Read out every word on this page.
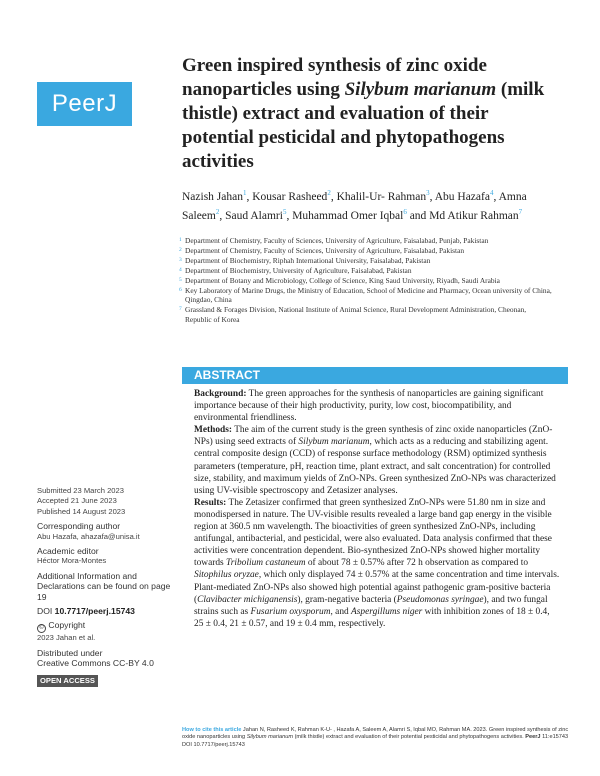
PeerJ
Green inspired synthesis of zinc oxide nanoparticles using Silybum marianum (milk thistle) extract and evaluation of their potential pesticidal and phytopathogens activities
Nazish Jahan$^1$, Kousar Rasheed$^2$, Khalil-Ur- Rahman$^3$, Abu Hazafa$^4$, Amna Saleem$^2$, Saud Alamri$^5$, Muhammad Omer Iqbal$^6$ and Md Atikur Rahman$^7$
1 Department of Chemistry, Faculty of Sciences, University of Agriculture, Faisalabad, Punjab, Pakistan
2 Department of Chemistry, Faculty of Sciences, University of Agriculture, Faisalabad, Pakistan
3 Department of Biochemistry, Riphah International University, Faisalabad, Pakistan
4 Department of Biochemistry, University of Agriculture, Faisalabad, Pakistan
5 Department of Botany and Microbiology, College of Science, King Saud University, Riyadh, Saudi Arabia
6 Key Laboratory of Marine Drugs, the Ministry of Education, School of Medicine and Pharmacy, Ocean university of China, Qingdao, China
7 Grassland & Forages Division, National Institute of Animal Science, Rural Development Administration, Cheonan, Republic of Korea
ABSTRACT

Background: The green approaches for the synthesis of nanoparticles are gaining significant importance because of their high productivity, purity, low cost, biocompatibility, and environmental friendliness.

Methods: The aim of the current study is the green synthesis of zinc oxide nanoparticles (ZnO-NPs) using seed extracts of Silybum marianum, which acts as a reducing and stabilizing agent. central composite design (CCD) of response surface methodology (RSM) optimized synthesis parameters (temperature, pH, reaction time, plant extract, and salt concentration) for controlled size, stability, and maximum yields of ZnO-NPs. Green synthesized ZnO-NPs was characterized using UV-visible spectroscopy and Zetasizer analyses.

Results: The Zetasizer confirmed that green synthesized ZnO-NPs were 51.80 nm in size and monodispersed in nature. The UV-visible results revealed a large band gap energy in the visible region at 360.5 nm wavelength. The bioactivities of green synthesized ZnO-NPs, including antifungal, antibacterial, and pesticidal, were also evaluated. Data analysis confirmed that these activities were concentration dependent. Bio-synthesized ZnO-NPs showed higher mortality towards Tribolium castaneum of about 78 ± 0.57% after 72 h observation as compared to Sitophilus oryzae, which only displayed 74 ± 0.57% at the same concentration and time intervals. Plant-mediated ZnO-NPs also showed high potential against pathogenic gram-positive bacteria (Clavibacter michiganensis), gram-negative bacteria (Pseudomonas syringae), and two fungal strains such as Fusarium oxysporum, and Aspergillums niger with inhibition zones of 18 ± 0.4, 25 ± 0.4, 21 ± 0.57, and 19 ± 0.4 mm, respectively.

Submitted 23 March 2023
Accepted 21 June 2023
Published 14 August 2023
Corresponding author
Abu Hazafa, ahazafa@unisa.it
Academic editor
Héctor Mora-Montes
Additional Information and Declarations can be found on page 19
DOI 10.7717/peerj.15743
© Copyright
2023 Jahan et al.
Distributed under
Creative Commons CC-BY 4.0
OPEN ACCESS
How to cite this article Jahan N, Rasheed K, Rahman K-U- , Hazafa A, Saleem A, Alamri S, Iqbal MO, Rahman MA. 2023. Green inspired synthesis of zinc oxide nanoparticles using Silybum marianum (milk thistle) extract and evaluation of their potential pesticidal and phytopathogens activities. PeerJ 11:e15743 DOI 10.7717/peerj.15743
